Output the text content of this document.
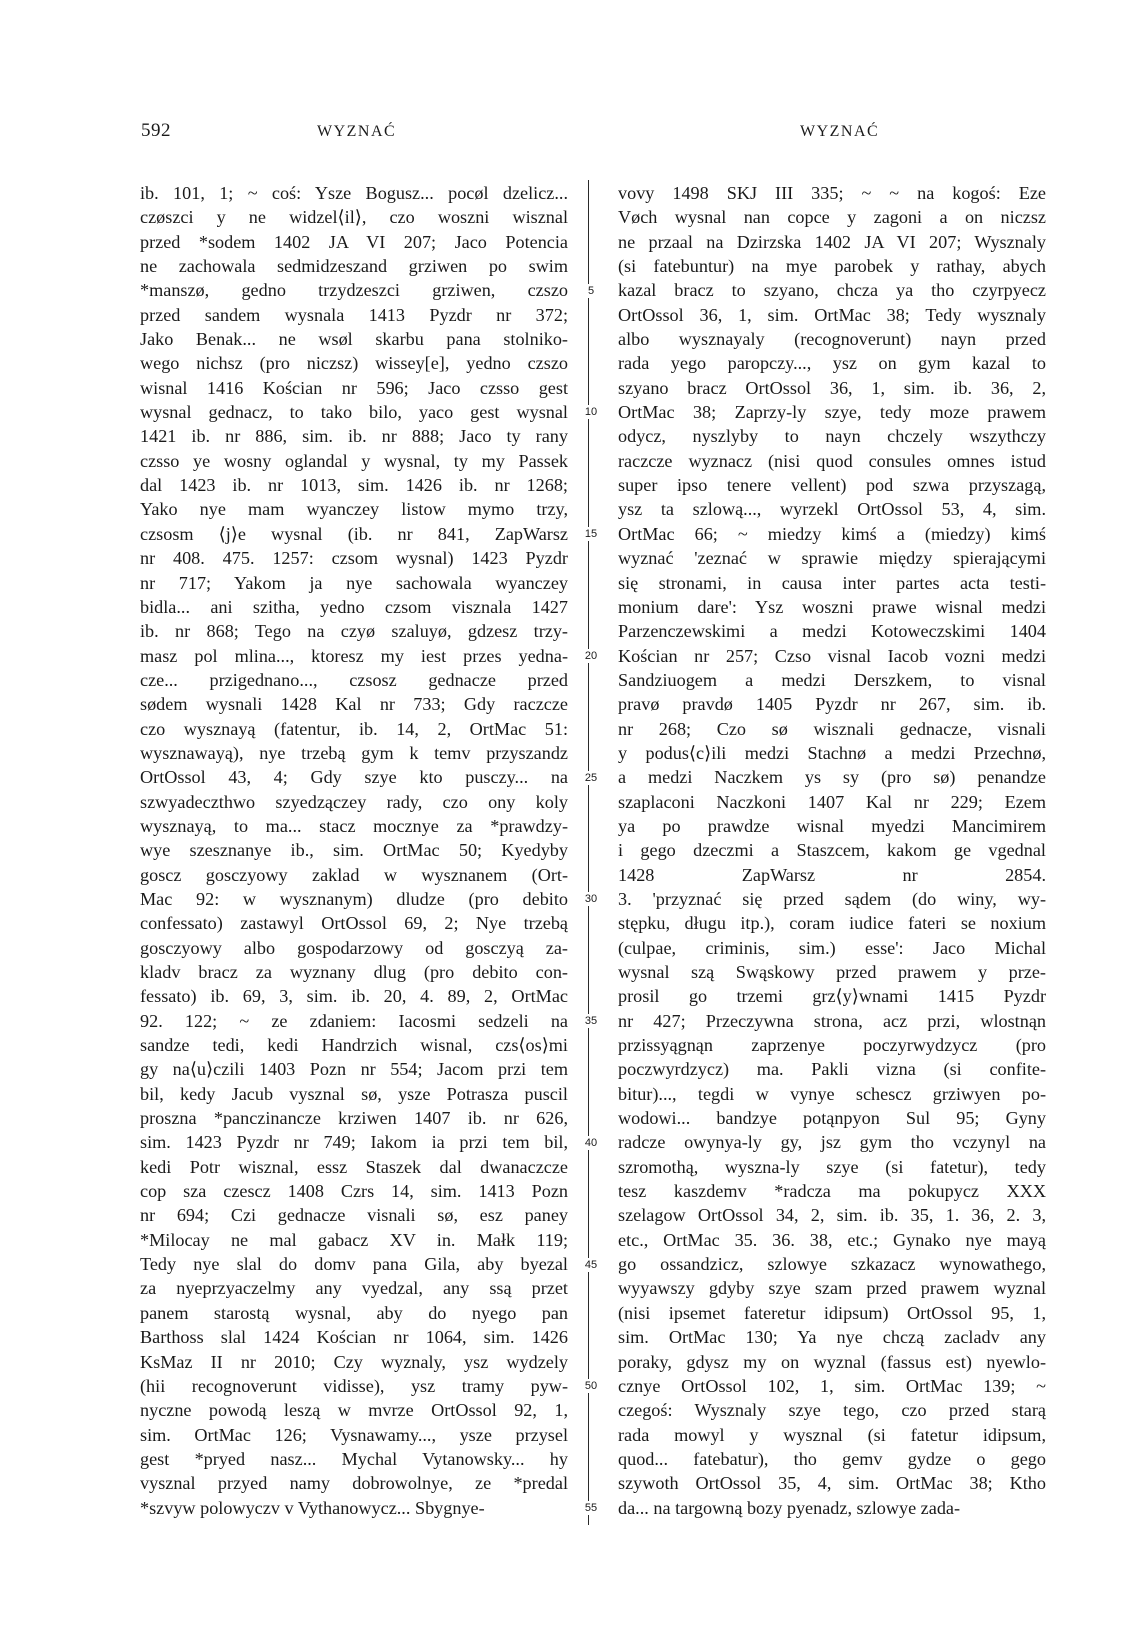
592	WYZNAĆ	WYZNAĆ
ib. 101, 1; ~ coś: Ysze Bogusz... pocøl dzelicz...
czøszci y ne widzel⟨il⟩, czo woszni wisznal
przed *sodem 1402 JA VI 207; Jaco Potencia
ne zachowala sedmidzeszand grziwen po swim
*manszø, gedno trzydzeszci grziwen, czszo
przed sandem wysnala 1413 Pyzdr nr 372;
Jako Benak... ne wsøl skarbu pana stolniko-
wego nichsz (pro niczsz) wissey[e], yedno czszo
wisnal 1416 Kościan nr 596; Jaco czsso gest
wysnal gednacz, to tako bilo, yaco gest wysnal
1421 ib. nr 886, sim. ib. nr 888; Jaco ty rany
czsso ye wosny oglandal y wysnal, ty my Passek
dal 1423 ib. nr 1013, sim. 1426 ib. nr 1268;
Yako nye mam wyanczey listow mymo trzy,
czsosm ⟨j⟩e wysnal (ib. nr 841, ZapWarsz
nr 408. 475. 1257: czsom wysnal) 1423 Pyzdr
nr 717; Yakom ja nye sachowala wyanczey
bidla... ani szitha, yedno czsom visznala 1427
ib. nr 868; Tego na czyø szaluyø, gdzesz trzy-
masz pol mlina..., ktoresz my iest przes yedna-
cze... przigednano..., czsosz gednacze przed
sødem wysnali 1428 Kal nr 733; Gdy raczcze
czo wysznayą (fatentur, ib. 14, 2, OrtMac 51:
wysznawayą), nye trzebą gym k temv przyszandz
OrtOssol 43, 4; Gdy szye kto pusczy... na
szwyadeczthwo szyedzączey rady, czo ony koly
wysznayą, to ma... stacz mocznye za *prawdzy-
wye szesznanye ib., sim. OrtMac 50; Kyedyby
goscz gosczyowy zaklad w wysznanem (Ort-
Mac 92: w wysznanym) dludze (pro debito
confessato) zastawyl OrtOssol 69, 2; Nye trzebą
gosczyowy albo gospodarzowy od gosczyą za-
kladv bracz za wyznany dlug (pro debito con-
fessato) ib. 69, 3, sim. ib. 20, 4. 89, 2, OrtMac
92. 122; ~ ze zdaniem: Iacosmi sedzeli na
sandze tedi, kedi Handrzich wisnal, czs⟨os⟩mi
gy na⟨u⟩czili 1403 Pozn nr 554; Jacom przi tem
bil, kedy Jacub vysznal sø, ysze Potrasza puscil
proszna *panczinancze krziwen 1407 ib. nr 626,
sim. 1423 Pyzdr nr 749; Iakom ia przi tem bil,
kedi Potr wisznal, essz Staszek dal dwanaczcze
cop sza czescz 1408 Czrs 14, sim. 1413 Pozn
nr 694; Czi gednacze visnali sø, esz paney
*Milocay ne mal gabacz XV in. Małk 119;
Tedy nye slal do domv pana Gila, aby byezal
za nyeprzyaczelmy any vyedzal, any ssą przet
panem starostą wysnal, aby do nyego pan
Barthoss slal 1424 Kościan nr 1064, sim. 1426
KsMaz II nr 2010; Czy wyznaly, ysz wydzely
(hii recognoverunt vidisse), ysz tramy pyw-
nyczne powodą leszą w mvrze OrtOssol 92, 1,
sim. OrtMac 126; Vysnawamy..., ysze przysel
gest *pryed nasz... Mychal Vytanowsky... hy
vysznal przyed namy dobrowolnye, ze *predal
*szvyw polowyczv v Vythanowycz... Sbygnye-
5
10
15
20
25
30
35
40
45
50
55
vovy 1498 SKJ III 335; ~ ~ na kogoś: Eze
Vøch wysnal nan copce y zagoni a on niczsz
ne przaal na Dzirzska 1402 JA VI 207; Wysznaly
(si fatebuntur) na mye parobek y rathay, abych
kazal bracz to szyano, chcza ya tho czyrpyecz
OrtOssol 36, 1, sim. OrtMac 38; Tedy wysznaly
albo wysznayaly (recognoverunt) nayn przed
rada yego paropczy..., ysz on gym kazal to
szyano bracz OrtOssol 36, 1, sim. ib. 36, 2,
OrtMac 38; Zaprzy-ly szye, tedy moze prawem
odycz, nyszlyby to nayn chczely wszythczy
raczcze wyznacz (nisi quod consules omnes istud
super ipso tenere vellent) pod szwa przyszagą,
ysz ta szlową..., wyrzekl OrtOssol 53, 4, sim.
OrtMac 66; ~ miedzy kimś a (miedzy) kimś
wyznać 'zeznać w sprawie między spierającymi
się stronami, in causa inter partes acta testi-
monium dare': Ysz woszni prawe wisnal medzi
Parzenczewskimi a medzi Kotoweczskimi 1404
Kościan nr 257; Czso visnal Iacob vozni medzi
Sandziuogem a medzi Derszkem, to visnal
pravø pravdø 1405 Pyzdr nr 267, sim. ib.
nr 268; Czo sø wisznali gednacze, visnali
y podus⟨c⟩ili medzi Stachnø a medzi Przechnø,
a medzi Naczkem ys sy (pro sø) penandze
szaplaconi Naczkoni 1407 Kal nr 229; Ezem
ya po prawdze wisnal myedzi Mancimirem
i gego dzeczmi a Staszcem, kakom ge vgednal
1428 ZapWarsz nr 2854.
3. 'przyznać się przed sądem (do winy, wy-
stępku, długu itp.), coram iudice fateri se noxium
(culpae, criminis, sim.) esse': Jaco Michal
wysnal szą Swąskowy przed prawem y prze-
prosil go trzemi grz⟨y⟩wnami 1415 Pyzdr
nr 427; Przeczywna strona, acz przi, wlostnąn
przissyągnąn zaprzenye poczyrwydzycz (pro
poczwyrdzycz) ma. Pakli vizna (si confite-
bitur)..., tegdi w vynye schescz grziwyen po-
wodowi... bandzye potąnpyon Sul 95; Gyny
radcze owynya-ly gy, jsz gym tho vczynyl na
szromothą, wyszna-ly szye (si fatetur), tedy
tesz kaszdemv *radcza ma pokupycz XXX
szelagow OrtOssol 34, 2, sim. ib. 35, 1. 36, 2. 3,
etc., OrtMac 35. 36. 38, etc.; Gynako nye mayą
go ossandzicz, szlowye szkazacz wynowathego,
wyyawszy gdyby szye szam przed prawem wyznal
(nisi ipsemet fateretur idipsum) OrtOssol 95, 1,
sim. OrtMac 130; Ya nye chczą zacladv any
poraky, gdysz my on wyznal (fassus est) nyewlo-
cznye OrtOssol 102, 1, sim. OrtMac 139; ~
czegoś: Wysznaly szye tego, czo przed starą
rada mowyl y wysznal (si fatetur idipsum,
quod... fatebatur), tho gemv gydze o gego
szywoth OrtOssol 35, 4, sim. OrtMac 38; Ktho
da... na targowną bozy pyenadz, szlowye zada-
